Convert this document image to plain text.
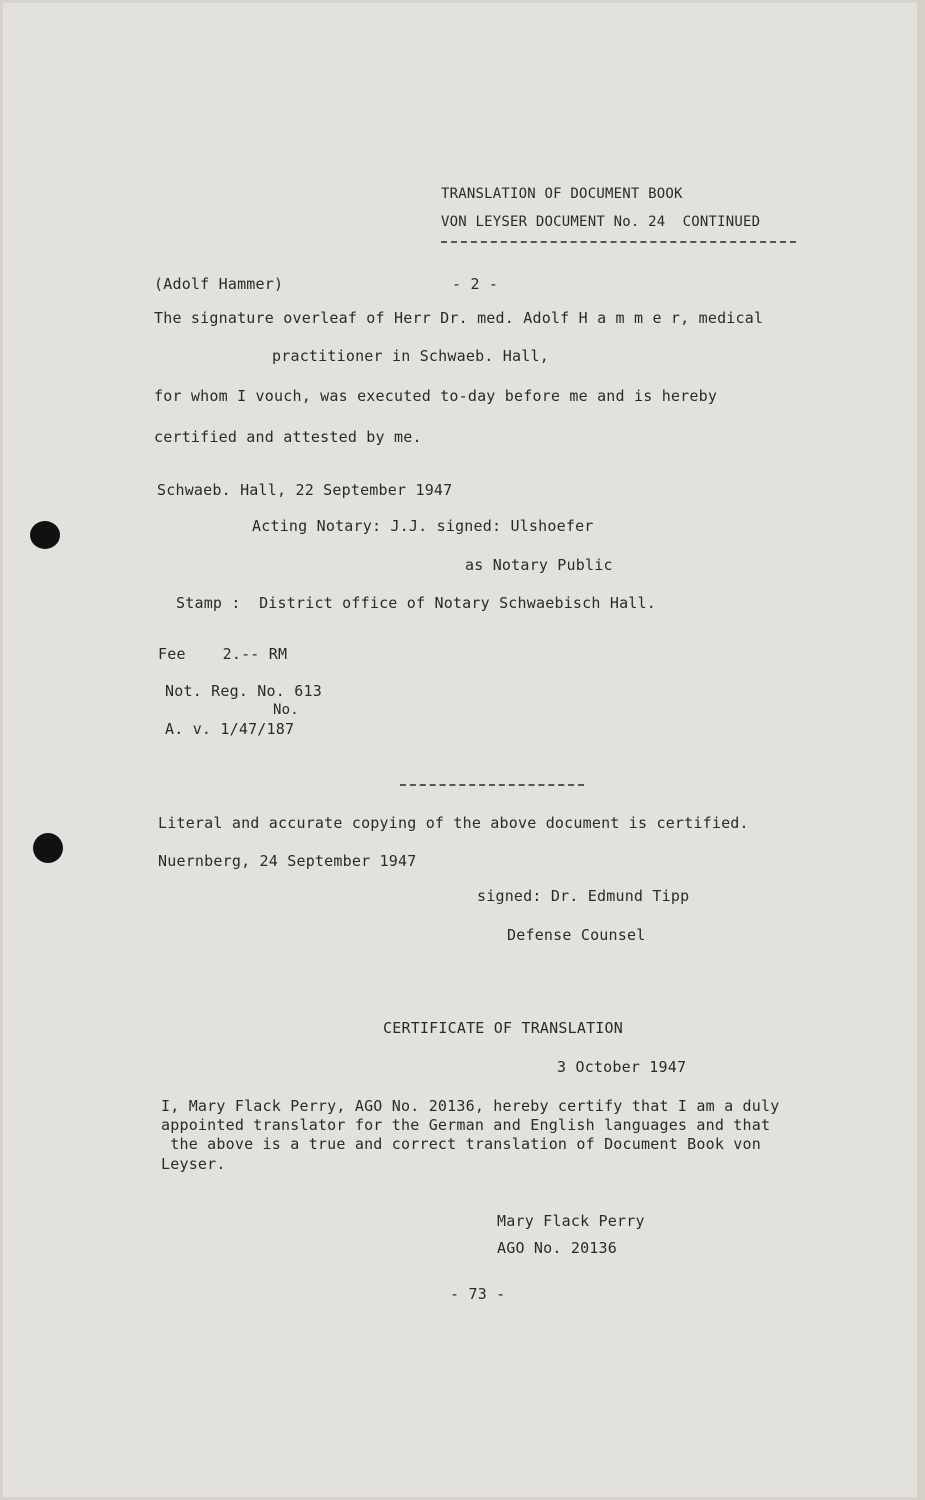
TRANSLATION OF DOCUMENT BOOK
VON LEYSER DOCUMENT No. 24  CONTINUED
(Adolf Hammer)	- 2 -
The signature overleaf of Herr Dr. med. Adolf H a m m e r, medical
practitioner in Schwaeb. Hall,
for whom I vouch, was executed to-day before me and is hereby
certified and attested by me.
Schwaeb. Hall, 22 September 1947
Acting Notary: J.J. signed: Ulshoefer
as Notary Public
Stamp :  District office of Notary Schwaebisch Hall.
Fee    2.-- RM
Not. Reg. No. 613
No.
A. v. 1/47/187
Literal and accurate copying of the above document is certified.
Nuernberg, 24 September 1947
signed: Dr. Edmund Tipp
Defense Counsel
CERTIFICATE OF TRANSLATION
3 October 1947
I, Mary Flack Perry, AGO No. 20136, hereby certify that I am a duly
appointed translator for the German and English languages and that
the above is a true and correct translation of Document Book von
Leyser.
Mary Flack Perry
AGO No. 20136
- 73 -
